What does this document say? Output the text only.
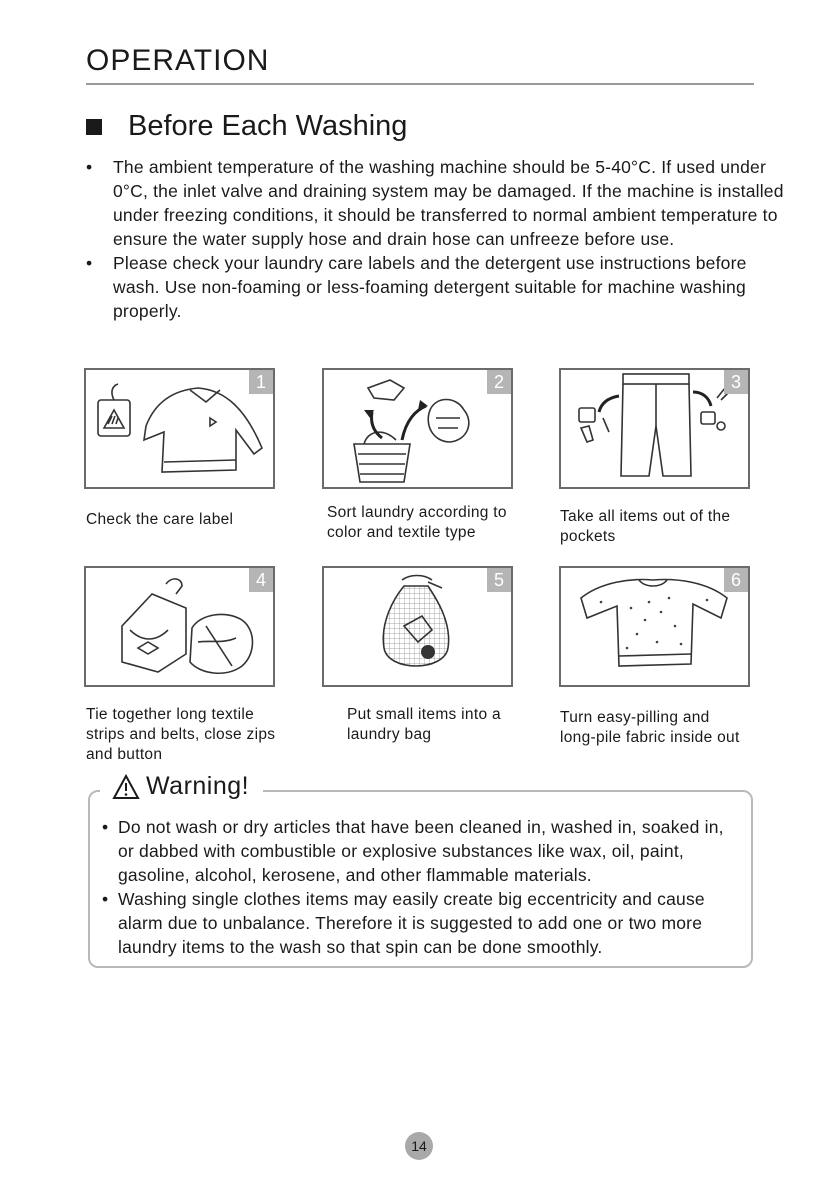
OPERATION
Before Each Washing
•	The ambient temperature of the washing machine should be 5-40°C. If used under 0°C, the inlet valve and draining system may be damaged. If the machine is installed under freezing conditions, it should be transferred to normal ambient temperature to ensure the water supply hose and drain hose can unfreeze before use.
•	Please check your laundry care labels and the detergent use instructions before wash. Use non-foaming or less-foaming detergent suitable for machine washing properly.
1
Check the care label
2
Sort laundry according to color and textile type
3
Take all items out of the pockets
4
Tie together long textile strips and belts, close zips and button
5
Put small items into a laundry bag
6
Turn easy-pilling and long-pile fabric inside out
Warning!
• Do not wash or dry articles that have been cleaned in, washed in, soaked in, or dabbed with combustible or explosive substances like wax, oil, paint, gasoline, alcohol, kerosene, and other flammable materials.
• Washing single clothes items may easily create big eccentricity and cause alarm due to unbalance. Therefore it is suggested to add one or two more laundry items to the wash so that spin can be done smoothly.
14
